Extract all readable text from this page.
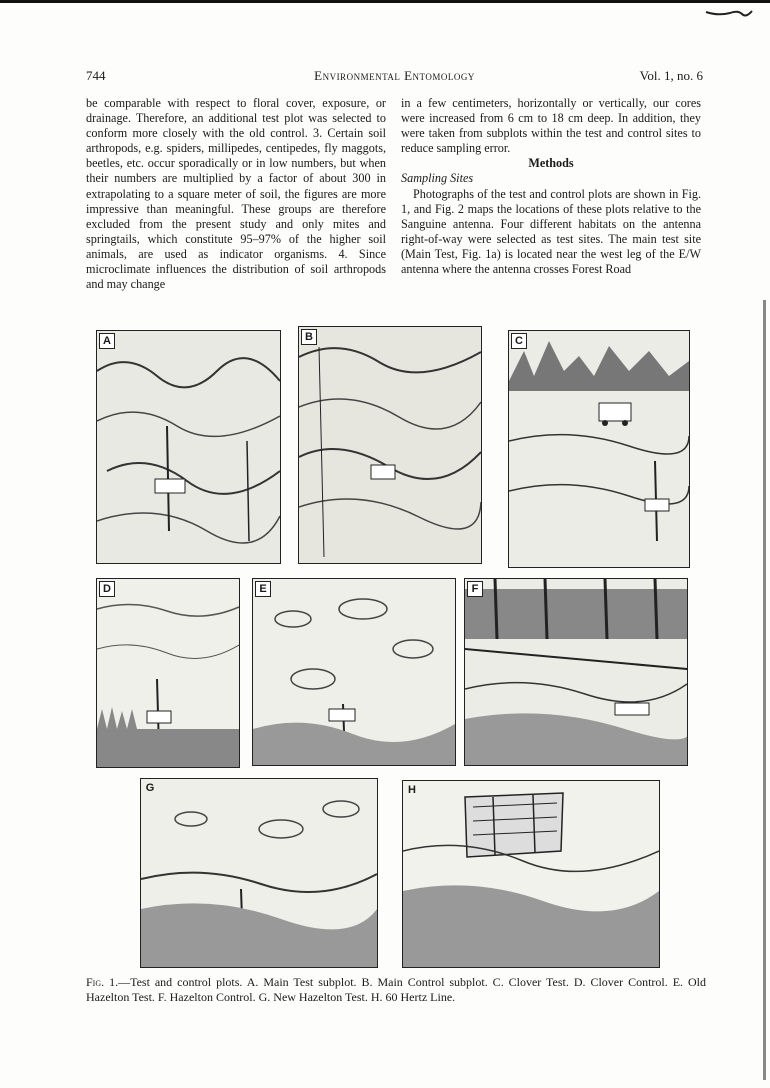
744	Environmental Entomology	Vol. 1, no. 6

be comparable with respect to floral cover, exposure, or drainage. Therefore, an additional test plot was selected to conform more closely with the old control. 3. Certain soil arthropods, e.g. spiders, millipedes, centipedes, fly maggots, beetles, etc. occur sporadically or in low numbers, but when their numbers are multiplied by a factor of about 300 in extrapolating to a square meter of soil, the figures are more impressive than meaningful. These groups are therefore excluded from the present study and only mites and springtails, which constitute 95–97% of the higher soil animals, are used as indicator organisms. 4. Since microclimate influences the distribution of soil arthropods and may change

in a few centimeters, horizontally or vertically, our cores were increased from 6 cm to 18 cm deep. In addition, they were taken from subplots within the test and control sites to reduce sampling error.

Methods

Sampling Sites

Photographs of the test and control plots are shown in Fig. 1, and Fig. 2 maps the locations of these plots relative to the Sanguine antenna. Four different habitats on the antenna right-of-way were selected as test sites. The main test site (Main Test, Fig. 1a) is located near the west leg of the E/W antenna where the antenna crosses Forest Road

A	B	C
D	E	F
G	H
Fig. 1.—Test and control plots. A. Main Test subplot. B. Main Control subplot. C. Clover Test. D. Clover Control. E. Old Hazelton Test. F. Hazelton Control. G. New Hazelton Test. H. 60 Hertz Line.
